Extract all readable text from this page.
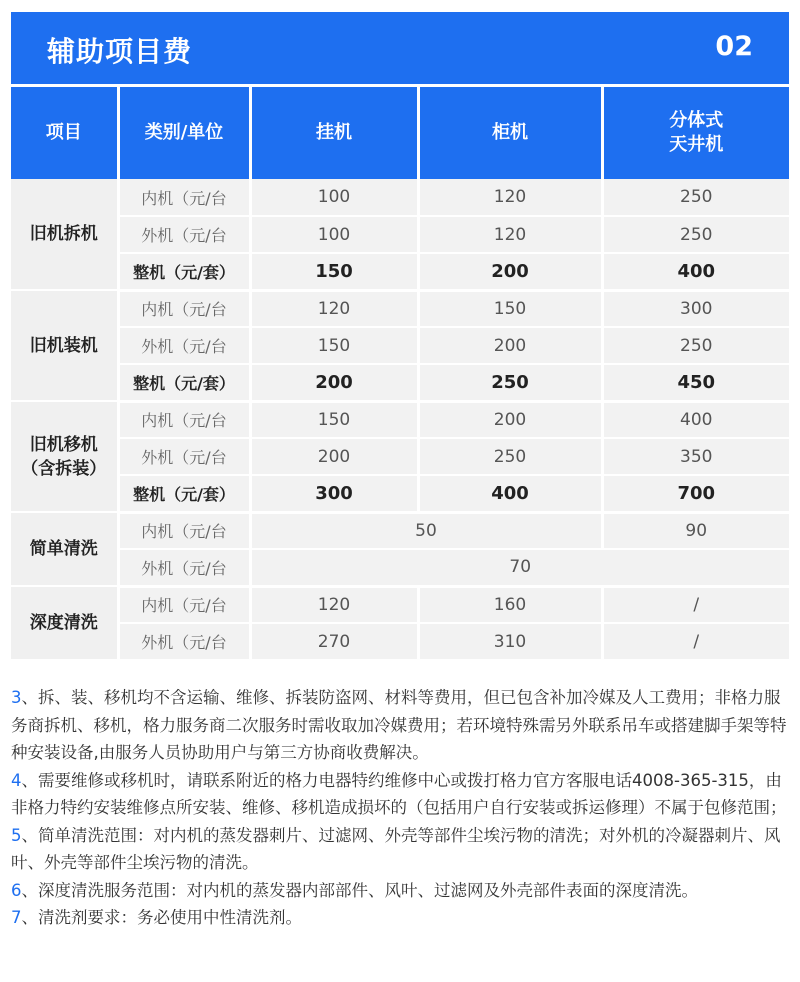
辅助项目费	02
项目	类别/单位	挂机	柜机	分体式
天井机
旧机拆机	内机（元/台	100	120	250
	外机（元/台	100	120	250
	整机（元/套）	150	200	400
旧机装机	内机（元/台	120	150	300
	外机（元/台	150	200	250
	整机（元/套）	200	250	450
旧机移机
（含拆装）	内机（元/台	150	200	400
	外机（元/台	200	250	350
	整机（元/套）	300	400	700
简单清洗	内机（元/台	50		90
	外机（元/台	70		
深度清洗	内机（元/台	120	160	/
	外机（元/台	270	310	/

3、拆、装、移机均不含运输、维修、拆装防盗网、材料等费用，但已包含补加冷媒及人工费用；非格力服务商拆机、移机，格力服务商二次服务时需收取加冷媒费用；若环境特殊需另外联系吊车或搭建脚手架等特种安装设备,由服务人员协助用户与第三方协商收费解决。

4、需要维修或移机时，请联系附近的格力电器特约维修中心或拨打格力官方客服电话4008-365-315，由非格力特约安装维修点所安装、维修、移机造成损坏的（包括用户自行安装或拆运修理）不属于包修范围；

5、简单清洗范围：对内机的蒸发器刺片、过滤网、外壳等部件尘埃污物的清洗；对外机的冷凝器刺片、风叶、外壳等部件尘埃污物的清洗。

6、深度清洗服务范围：对内机的蒸发器内部部件、风叶、过滤网及外壳部件表面的深度清洗。

7、清洗剂要求：务必使用中性清洗剂。
